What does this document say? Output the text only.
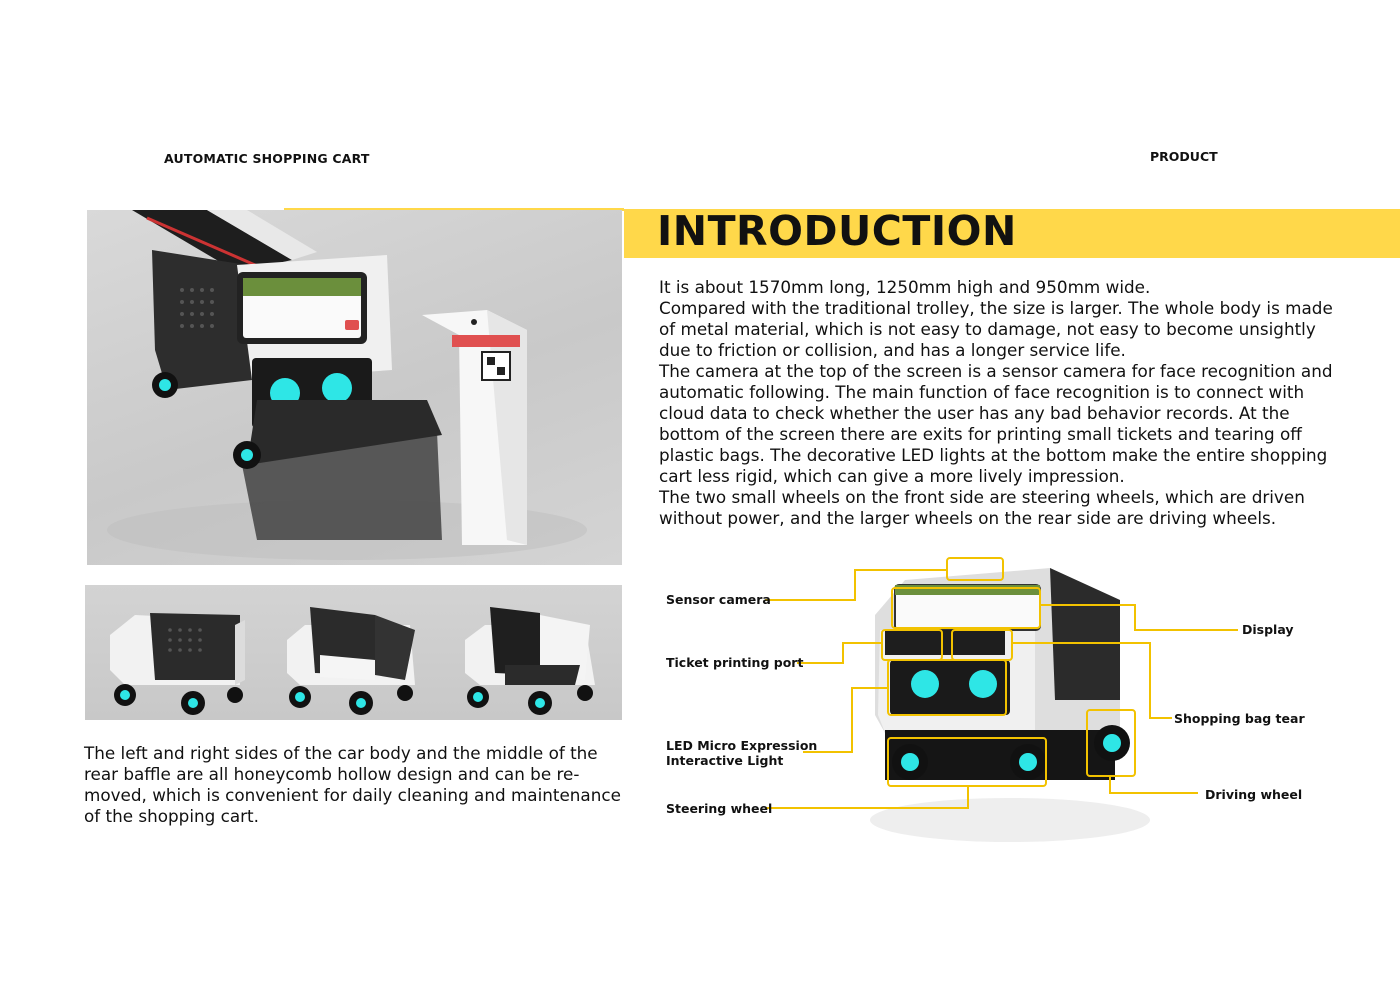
AUTOMATIC SHOPPING CART	PRODUCT
INTRODUCTION

It is about 1570mm long, 1250mm high and 950mm wide.

Compared with the traditional trolley, the size is larger. The whole body is made of metal material, which is not easy to damage, not easy to become unsightly due to friction or collision, and has a longer service life.

The camera at the top of the screen is a sensor camera for face recognition and automatic following. The main function of face recognition is to connect with cloud data to check whether the user has any bad behavior records. At the bottom of the screen there are exits for printing small tickets and tearing off plastic bags. The decorative LED lights at the bottom make the entire shopping cart less rigid, which can give a more lively impression.

The two small wheels on the front side are steering wheels, which are driven without power, and the larger wheels on the rear side are driving wheels.

The left and right sides of the car body and the middle of the rear baffle are all honeycomb hollow design and can be re-moved, which is convenient for daily cleaning and maintenance of the shopping cart.
Sensor camera
Ticket printing port
LED Micro Expression
Interactive Light
Steering wheel
Display
Shopping bag tear
Driving wheel
